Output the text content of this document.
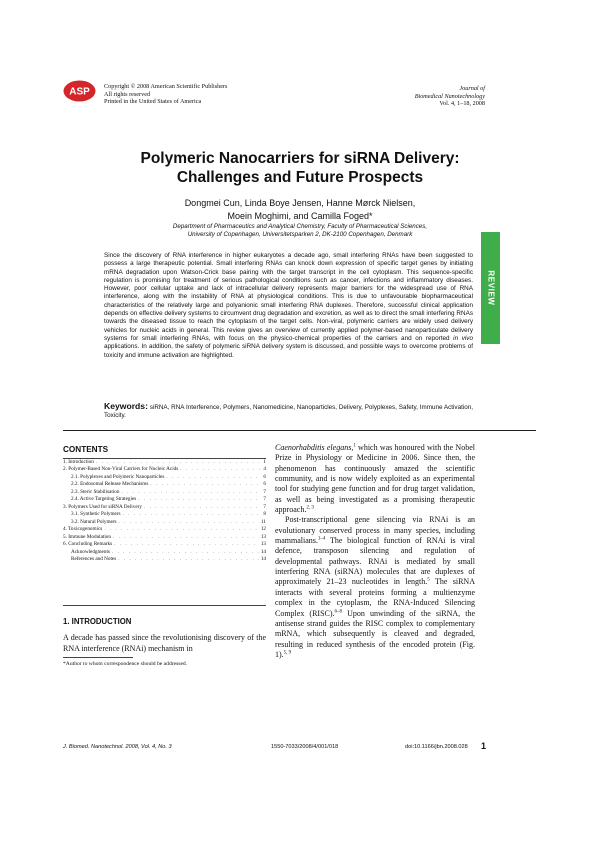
ASP Copyright © 2008 American Scientific Publishers
All rights reserved
Printed in the United States of America
Journal of
Biomedical Nanotechnology
Vol. 4, 1–18, 2008
Polymeric Nanocarriers for siRNA Delivery:
Challenges and Future Prospects
Dongmei Cun, Linda Boye Jensen, Hanne Mørck Nielsen,
Moein Moghimi, and Camilla Foged*
Department of Pharmaceutics and Analytical Chemistry, Faculty of Pharmaceutical Sciences,
University of Copenhagen, Universitetsparken 2, DK-2100 Copenhagen, Denmark
REVIEW
Since the discovery of RNA interference in higher eukaryotes a decade ago, small interfering RNAs have been suggested to possess a large therapeutic potential. Small interfering RNAs can knock down expression of specific target genes by initiating mRNA degradation upon Watson-Crick base pairing with the target transcript in the cell cytoplasm. This sequence-specific regulation is promising for treatment of serious pathological conditions such as cancer, infections and inflammatory diseases. However, poor cellular uptake and lack of intracellular delivery represents major barriers for the widespread use of RNA interference, along with the instability of RNA at physiological conditions. This is due to unfavourable biopharmaceutical characteristics of the relatively large and polyanionic small interfering RNA duplexes. Therefore, successful clinical application depends on effective delivery systems to circumvent drug degradation and excretion, as well as to direct the small interfering RNAs towards the diseased tissue to reach the cytoplasm of the target cells. Non-viral, polymeric carriers are widely used delivery vehicles for nucleic acids in general. This review gives an overview of currently applied polymer-based nanoparticulate delivery systems for small interfering RNAs, with focus on the physico-chemical properties of the carriers and on reported in vivo applications. In addition, the safety of polymeric siRNA delivery system is discussed, and possible ways to overcome problems of toxicity and immune activation are highlighted.
Keywords: siRNA, RNA Interference, Polymers, Nanomedicine, Nanoparticles, Delivery, Polyplexes, Safety, Immune Activation, Toxicity.
CONTENTS
1. Introduction . . .	1
2. Polymer-Based Non-Viral Carriers for Nucleic Acids . . .	4
2.1. Polyplexes and Polymeric Nanoparticles . . .	6
2.2. Endosomal Release Mechanisms . . .	6
2.3. Steric Stabilisation . . .	7
2.4. Active Targeting Strategies . . .	7
3. Polymers Used for siRNA Delivery . . .	7
3.1. Synthetic Polymers . . .	8
3.2. Natural Polymers . . .	11
4. Toxicogenomics . . .	12
5. Immune Modulation . . .	13
6. Concluding Remarks . . .	13
Acknowledgments . . .	14
References and Notes . . .	14
1. INTRODUCTION
A decade has passed since the revolutionising discovery of the RNA interference (RNAi) mechanism in
*Author to whom correspondence should be addressed.

Caenorhabditis elegans,$^1$ which was honoured with the Nobel Prize in Physiology or Medicine in 2006. Since then, the phenomenon has continuously amazed the scientific community, and is now widely exploited as an experimental tool for studying gene function and for drug target validation, as well as being investigated as a promising therapeutic approach.$^{2, 3}$

Post-transcriptional gene silencing via RNAi is an evolutionary conserved process in many species, including mammalians.$^{1-4}$ The biological function of RNAi is viral defence, transposon silencing and regulation of developmental pathways. RNAi is mediated by small interfering RNA (siRNA) molecules that are duplexes of approximately 21–23 nucleotides in length.$^5$ The siRNA interacts with several proteins forming a multienzyme complex in the cytoplasm, the RNA-Induced Silencing Complex (RISC).$^{6-8}$ Upon unwinding of the siRNA, the antisense strand guides the RISC complex to complementary mRNA, which subsequently is cleaved and degraded, resulting in reduced synthesis of the encoded protein (Fig. 1).$^{5, 9}$

J. Biomed. Nanotechnol. 2008, Vol. 4, No. 3	1550-7033/2008/4/001/018	doi:10.1166/jbn.2008.028 1
